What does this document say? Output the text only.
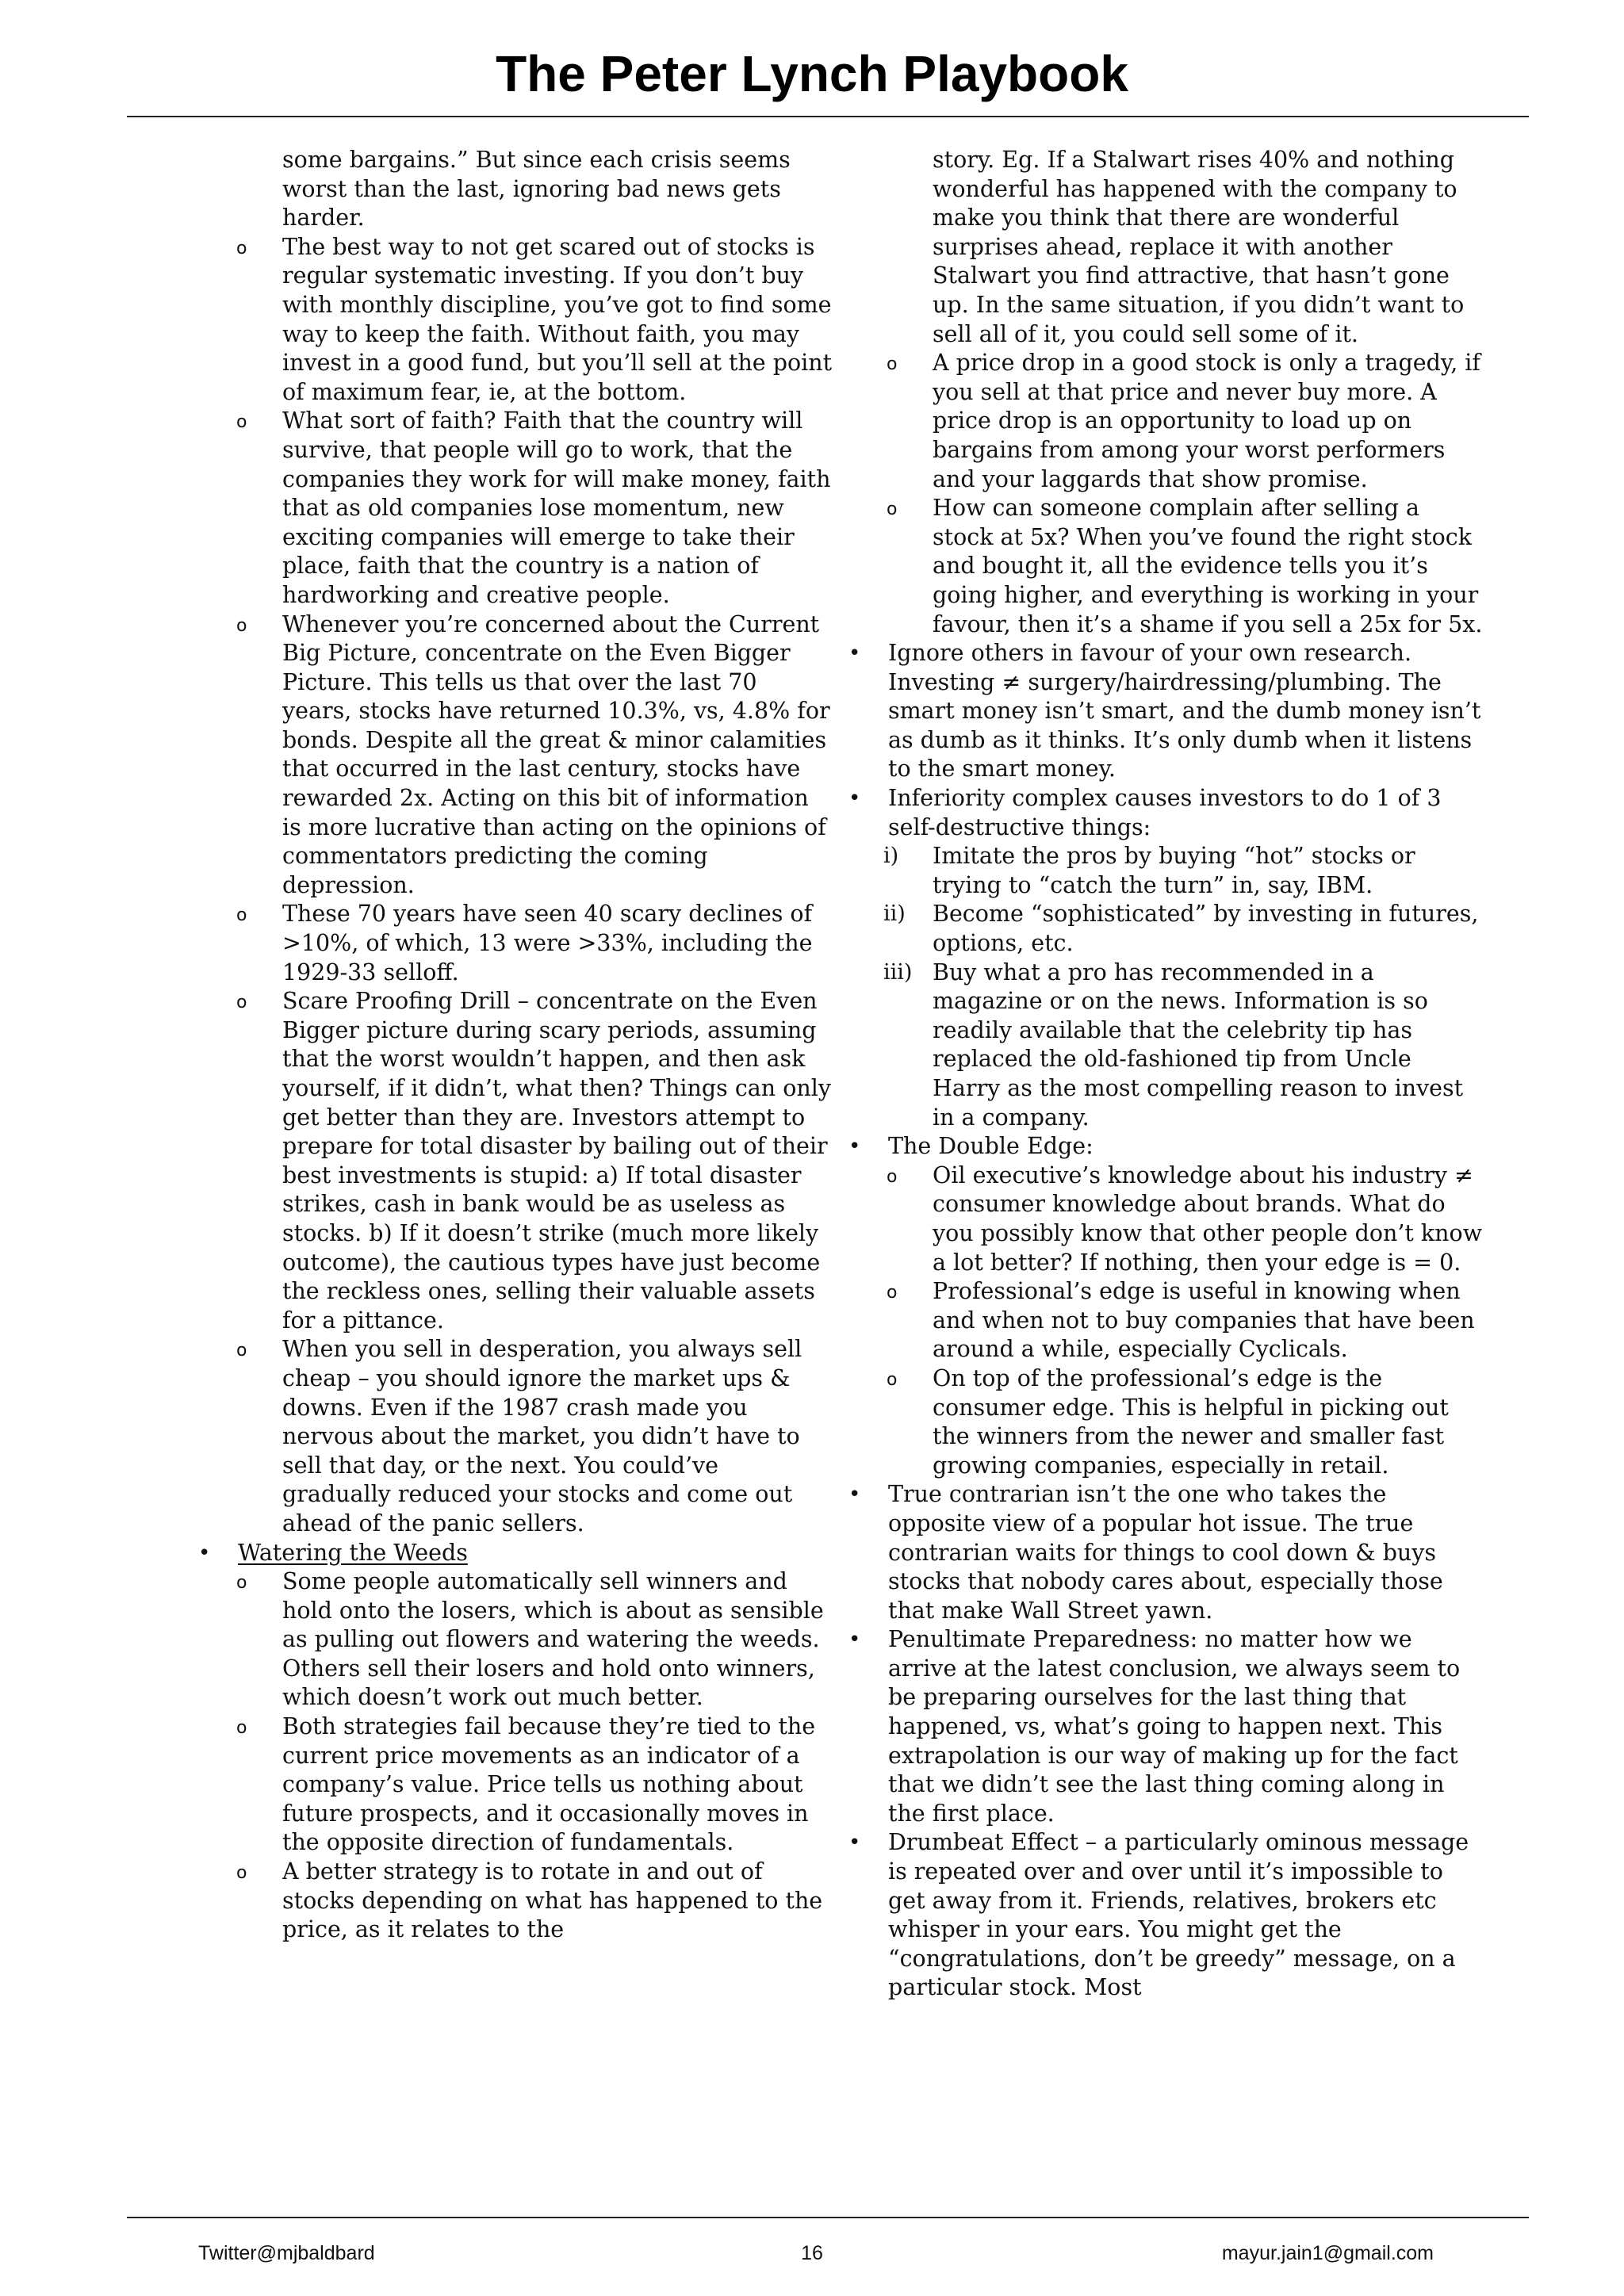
The Peter Lynch Playbook
some bargains.” But since each crisis seems worst than the last, ignoring bad news gets harder.
o The best way to not get scared out of stocks is regular systematic investing. If you don’t buy with monthly discipline, you’ve got to find some way to keep the faith. Without faith, you may invest in a good fund, but you’ll sell at the point of maximum fear, ie, at the bottom.
o What sort of faith? Faith that the country will survive, that people will go to work, that the companies they work for will make money, faith that as old companies lose momentum, new exciting companies will emerge to take their place, faith that the country is a nation of hardworking and creative people.
o Whenever you’re concerned about the Current Big Picture, concentrate on the Even Bigger Picture. This tells us that over the last 70 years, stocks have returned 10.3%, vs, 4.8% for bonds. Despite all the great & minor calamities that occurred in the last century, stocks have rewarded 2x. Acting on this bit of information is more lucrative than acting on the opinions of commentators predicting the coming depression.
o These 70 years have seen 40 scary declines of >10%, of which, 13 were >33%, including the 1929-33 selloff.
o Scare Proofing Drill – concentrate on the Even Bigger picture during scary periods, assuming that the worst wouldn’t happen, and then ask yourself, if it didn’t, what then? Things can only get better than they are. Investors attempt to prepare for total disaster by bailing out of their best investments is stupid: a) If total disaster strikes, cash in bank would be as useless as stocks. b) If it doesn’t strike (much more likely outcome), the cautious types have just become the reckless ones, selling their valuable assets for a pittance.
o When you sell in desperation, you always sell cheap – you should ignore the market ups & downs. Even if the 1987 crash made you nervous about the market, you didn’t have to sell that day, or the next. You could’ve gradually reduced your stocks and come out ahead of the panic sellers.
• Watering the Weeds
o Some people automatically sell winners and hold onto the losers, which is about as sensible as pulling out flowers and watering the weeds. Others sell their losers and hold onto winners, which doesn’t work out much better.
o Both strategies fail because they’re tied to the current price movements as an indicator of a company’s value. Price tells us nothing about future prospects, and it occasionally moves in the opposite direction of fundamentals.
o A better strategy is to rotate in and out of stocks depending on what has happened to the price, as it relates to the
story. Eg. If a Stalwart rises 40% and nothing wonderful has happened with the company to make you think that there are wonderful surprises ahead, replace it with another Stalwart you find attractive, that hasn’t gone up. In the same situation, if you didn’t want to sell all of it, you could sell some of it.
o A price drop in a good stock is only a tragedy, if you sell at that price and never buy more. A price drop is an opportunity to load up on bargains from among your worst performers and your laggards that show promise.
o How can someone complain after selling a stock at 5x? When you’ve found the right stock and bought it, all the evidence tells you it’s going higher, and everything is working in your favour, then it’s a shame if you sell a 25x for 5x.
• Ignore others in favour of your own research. Investing ≠ surgery/hairdressing/plumbing. The smart money isn’t smart, and the dumb money isn’t as dumb as it thinks. It’s only dumb when it listens to the smart money.
• Inferiority complex causes investors to do 1 of 3 self-destructive things:
i) Imitate the pros by buying “hot” stocks or trying to “catch the turn” in, say, IBM.
ii) Become “sophisticated” by investing in futures, options, etc.
iii) Buy what a pro has recommended in a magazine or on the news. Information is so readily available that the celebrity tip has replaced the old-fashioned tip from Uncle Harry as the most compelling reason to invest in a company.
• The Double Edge:
o Oil executive’s knowledge about his industry ≠ consumer knowledge about brands. What do you possibly know that other people don’t know a lot better? If nothing, then your edge is = 0.
o Professional’s edge is useful in knowing when and when not to buy companies that have been around a while, especially Cyclicals.
o On top of the professional’s edge is the consumer edge. This is helpful in picking out the winners from the newer and smaller fast growing companies, especially in retail.
• True contrarian isn’t the one who takes the opposite view of a popular hot issue. The true contrarian waits for things to cool down & buys stocks that nobody cares about, especially those that make Wall Street yawn.
• Penultimate Preparedness: no matter how we arrive at the latest conclusion, we always seem to be preparing ourselves for the last thing that happened, vs, what’s going to happen next. This extrapolation is our way of making up for the fact that we didn’t see the last thing coming along in the first place.
• Drumbeat Effect – a particularly ominous message is repeated over and over until it’s impossible to get away from it. Friends, relatives, brokers etc whisper in your ears. You might get the “congratulations, don’t be greedy” message, on a particular stock. Most
Twitter@mjbaldbard	16	mayur.jain1@gmail.com
